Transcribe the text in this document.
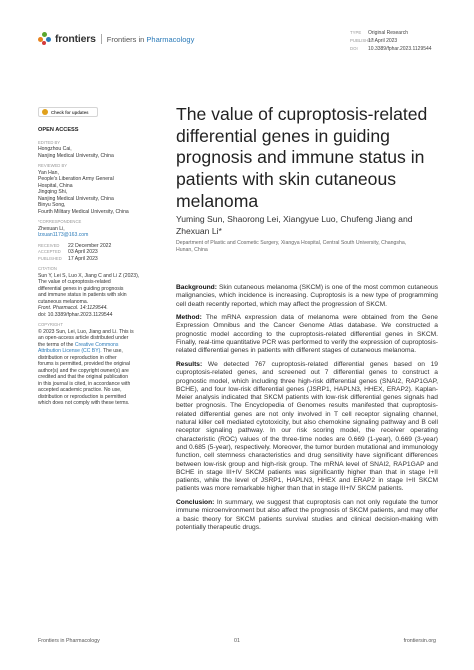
frontiers Frontiers in Pharmacology
TYPE Original Research
PUBLISHED17 April 2023
DOI 10.3389/fphar.2023.1129544
Check for updates
OPEN ACCESS
EDITED BY
Hongzhou Cai,
Nanjing Medical University, China
REVIEWED BY
Yan Han,
People's Liberation Army General
Hospital, China
Jingqing Shi,
Nanjing Medical University, China
Binyu Song,
Fourth Military Medical University, China
*CORRESPONDENCE
Zhexuan Li,
lzxuan1173@163.com
RECEIVED	22 December 2022
ACCEPTED	03 April 2023
PUBLISHED	17 April 2023
CITATION
Sun Y, Lei S, Luo X, Jiang C and Li Z (2023),
The value of cuproptosis-related
differential genes in guiding prognosis
and immune status in patients with skin
cutaneous melanoma.
Front. Pharmacol. 14:1129544.
doi: 10.3389/fphar.2023.1129544
COPYRIGHT
© 2023 Sun, Lei, Luo, Jiang and Li. This is
an open-access article distributed under
the terms of the Creative Commons
Attribution License (CC BY). The use,
distribution or reproduction in other
forums is permitted, provided the original
author(s) and the copyright owner(s) are
credited and that the original publication
in this journal is cited, in accordance with
accepted academic practice. No use,
distribution or reproduction is permitted
which does not comply with these terms.
The value of cuproptosis-related
differential genes in guiding
prognosis and immune status in
patients with skin cutaneous
melanoma
Yuming Sun, Shaorong Lei, Xiangyue Luo, Chufeng Jiang and
Zhexuan Li*
Department of Plastic and Cosmetic Surgery, Xiangya Hospital, Central South University, Changsha,
Hunan, China

Background: Skin cutaneous melanoma (SKCM) is one of the most common cutaneous malignancies, which incidence is increasing. Cuproptosis is a new type of programming cell death recently reported, which may affect the progression of SKCM.

Method: The mRNA expression data of melanoma were obtained from the Gene Expression Omnibus and the Cancer Genome Atlas database. We constructed a prognostic model according to the cuproptosis-related differential genes in SKCM. Finally, real-time quantitative PCR was performed to verify the expression of cuproptosis-related differential genes in patients with different stages of cutaneous melanoma.

Results: We detected 767 cuproptosis-related differential genes based on 19 cuproptosis-related genes, and screened out 7 differential genes to construct a prognostic model, which including three high-risk differential genes (SNAI2, RAP1GAP, BCHE), and four low-risk differential genes (JSRP1, HAPLN3, HHEX, ERAP2). Kaplan-Meier analysis indicated that SKCM patients with low-risk differential genes signals had better prognosis. The Encyclopedia of Genomes results manifested that cuproptosis-related differential genes are not only involved in T cell receptor signaling channel, natural killer cell mediated cytotoxicity, but also chemokine signaling pathway and B cell receptor signaling pathway. In our risk scoring model, the receiver operating characteristic (ROC) values of the three-time nodes are 0.669 (1-year), 0.669 (3-year) and 0.685 (5-year), respectively. Moreover, the tumor burden mutational and immunology function, cell stemness characteristics and drug sensitivity have significant differences between low-risk group and high-risk group. The mRNA level of SNAI2, RAP1GAP and BCHE in stage III+IV SKCM patients was significantly higher than that in stage I+II patients, while the level of JSRP1, HAPLN3, HHEX and ERAP2 in stage I+II SKCM patients was more remarkable higher than that in stage III+IV SKCM patients.

Conclusion: In summary, we suggest that cuproptosis can not only regulate the tumor immune microenvironment but also affect the prognosis of SKCM patients, and may offer a basic theory for SKCM patients survival studies and clinical decision-making with potentially therapeutic drugs.

Frontiers in Pharmacology	01	frontiersin.org
